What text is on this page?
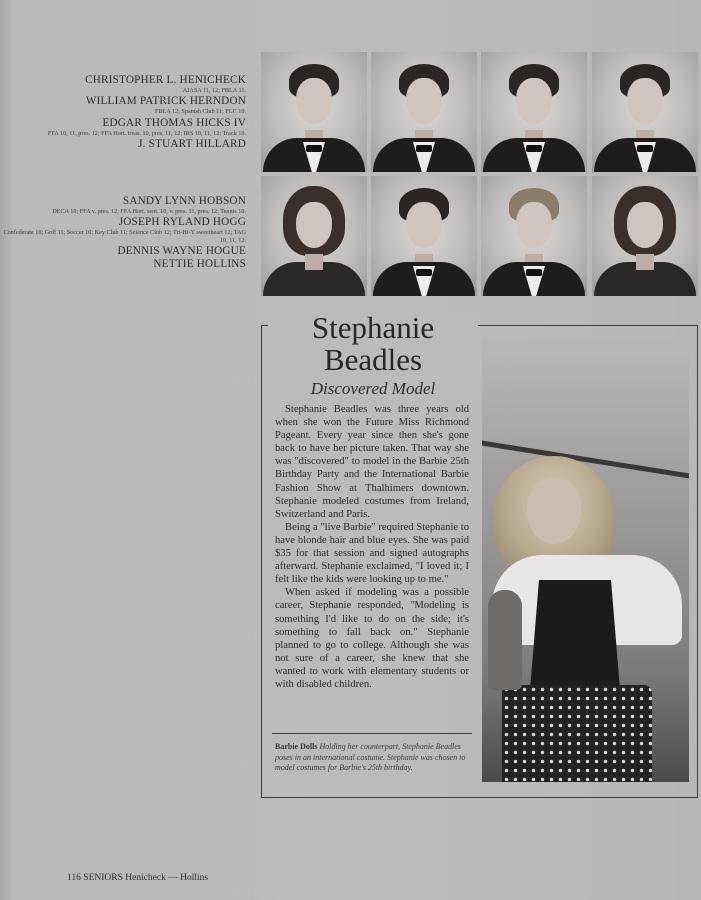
CHRISTOPHER L. HENICHECK
AIASA 11, 12; FBLA 11.
WILLIAM PATRICK HERNDON
FBLA 12; Spanish Club 11; FLC 10.
EDGAR THOMAS HICKS IV
FFA 10, 11, pres. 12; FFA Hort. treas. 10, pres. 11, 12; IRS 10, 11, 12; Track 10.
J. STUART HILLARD
SANDY LYNN HOBSON
DECA 10; FFA v. pres. 12; FFA Hort. sent. 10, v. pres. 11, pres. 12; Tennis 10.
JOSEPH RYLAND HOGG
Confederate 10; Golf 11; Soccer 10; Key Club 11; Science Club 12; Tri-Hi-Y sweetheart 12; TAG 10, 11, 12.
DENNIS WAYNE HOGUE
NETTIE HOLLINS
Stephanie
Beadles
Discovered Model

Stephanie Beadles was three years old when she won the Future Miss Richmond Pageant. Every year since then she's gone back to have her picture taken. That way she was "discovered" to model in the Barbie 25th Birthday Party and the International Barbie Fashion Show at Thalhimers downtown. Stephanie modeled costumes from Ireland, Switzerland and Paris.

Being a "live Barbie" required Stephanie to have blonde hair and blue eyes. She was paid $35 for that session and signed autographs afterward. Stephanie exclaimed, "I loved it; I felt like the kids were looking up to me."

When asked if modeling was a possible career, Stephanie responded, "Modeling is something I'd like to do on the side; it's something to fall back on." Stephanie planned to go to college. Although she was not sure of a career, she knew that she wanted to work with elementary students or with disabled children.

Barbie Dolls Holding her counterpart, Stephanie Beadles poses in an international costume. Stephanie was chosen to model costumes for Barbie's 25th birthday.
116 SENIORS Henicheck — Hollins
